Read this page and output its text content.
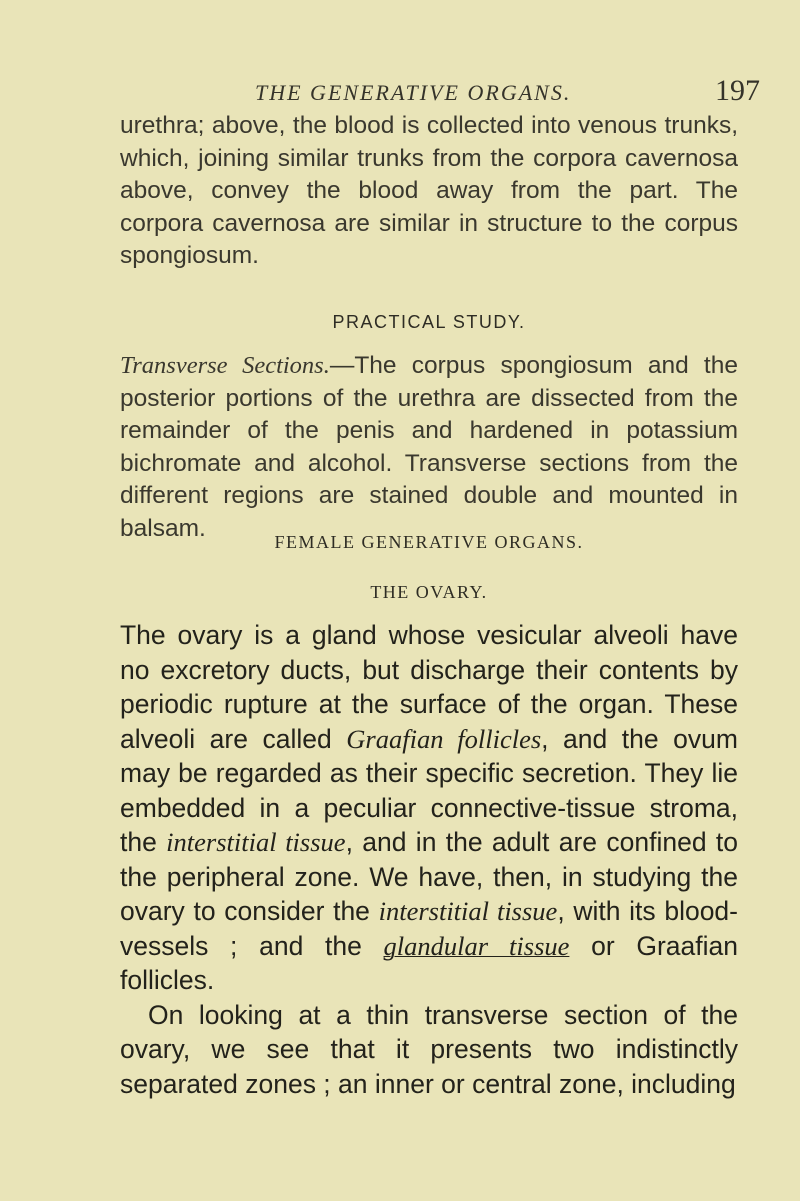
THE GENERATIVE ORGANS.	197

urethra; above, the blood is collected into venous trunks, which, joining similar trunks from the corpora cavernosa above, convey the blood away from the part. The corpora cavernosa are similar in structure to the corpus spongiosum.

PRACTICAL STUDY.

Transverse Sections.—The corpus spongiosum and the posterior portions of the urethra are dissected from the remainder of the penis and hardened in potassium bichromate and alcohol. Transverse sections from the different regions are stained double and mounted in balsam.

FEMALE GENERATIVE ORGANS.
THE OVARY.

The ovary is a gland whose vesicular alveoli have no excretory ducts, but discharge their contents by periodic rupture at the surface of the organ. These alveoli are called Graafian follicles, and the ovum may be regarded as their specific secretion. They lie embedded in a peculiar connective-tissue stroma, the interstitial tissue, and in the adult are confined to the peripheral zone. We have, then, in studying the ovary to consider the interstitial tissue, with its blood-vessels ; and the glandular tissue or Graafian follicles.

On looking at a thin transverse section of the ovary, we see that it presents two indistinctly separated zones ; an inner or central zone, including
